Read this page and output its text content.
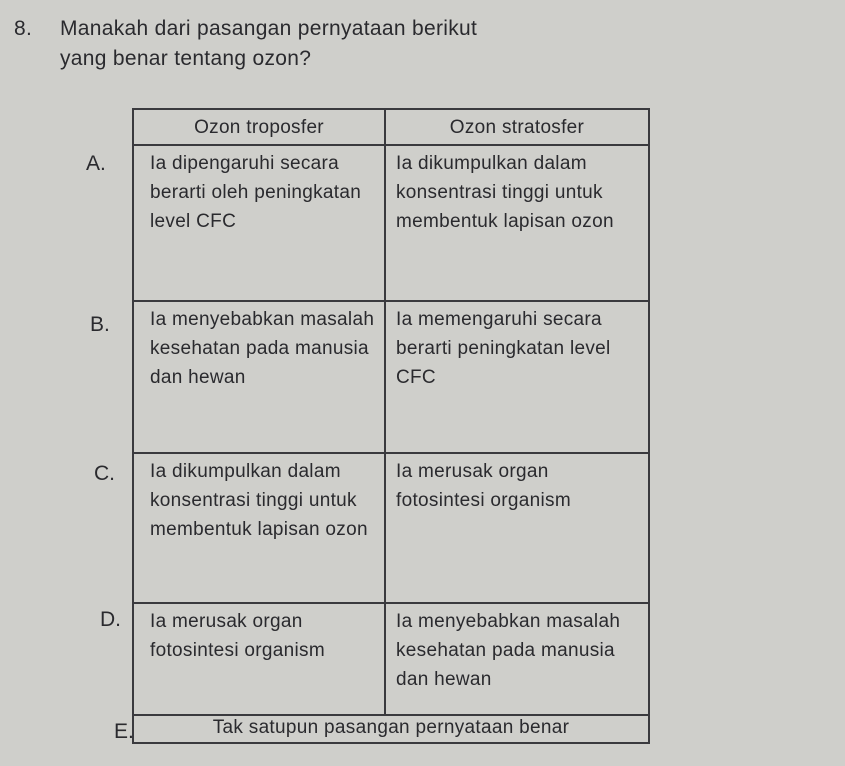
8. Manakah dari pasangan pernyataan berikut
yang benar tentang ozon?
A.
B.
C.
D.
E.
Ozon troposfer	Ozon stratosfer

Ia dipengaruhi secara berarti oleh peningkatan level CFC	Ia dikumpulkan dalam konsentrasi tinggi untuk membentuk lapisan ozon

Ia menyebabkan masalah kesehatan pada manusia dan hewan	Ia memengaruhi secara berarti peningkatan level CFC

Ia dikumpulkan dalam konsentrasi tinggi untuk membentuk lapisan ozon	Ia merusak organ fotosintesi organism

Ia merusak organ fotosintesi organism	Ia menyebabkan masalah kesehatan pada manusia dan hewan

Tak satupun pasangan pernyataan benar	
